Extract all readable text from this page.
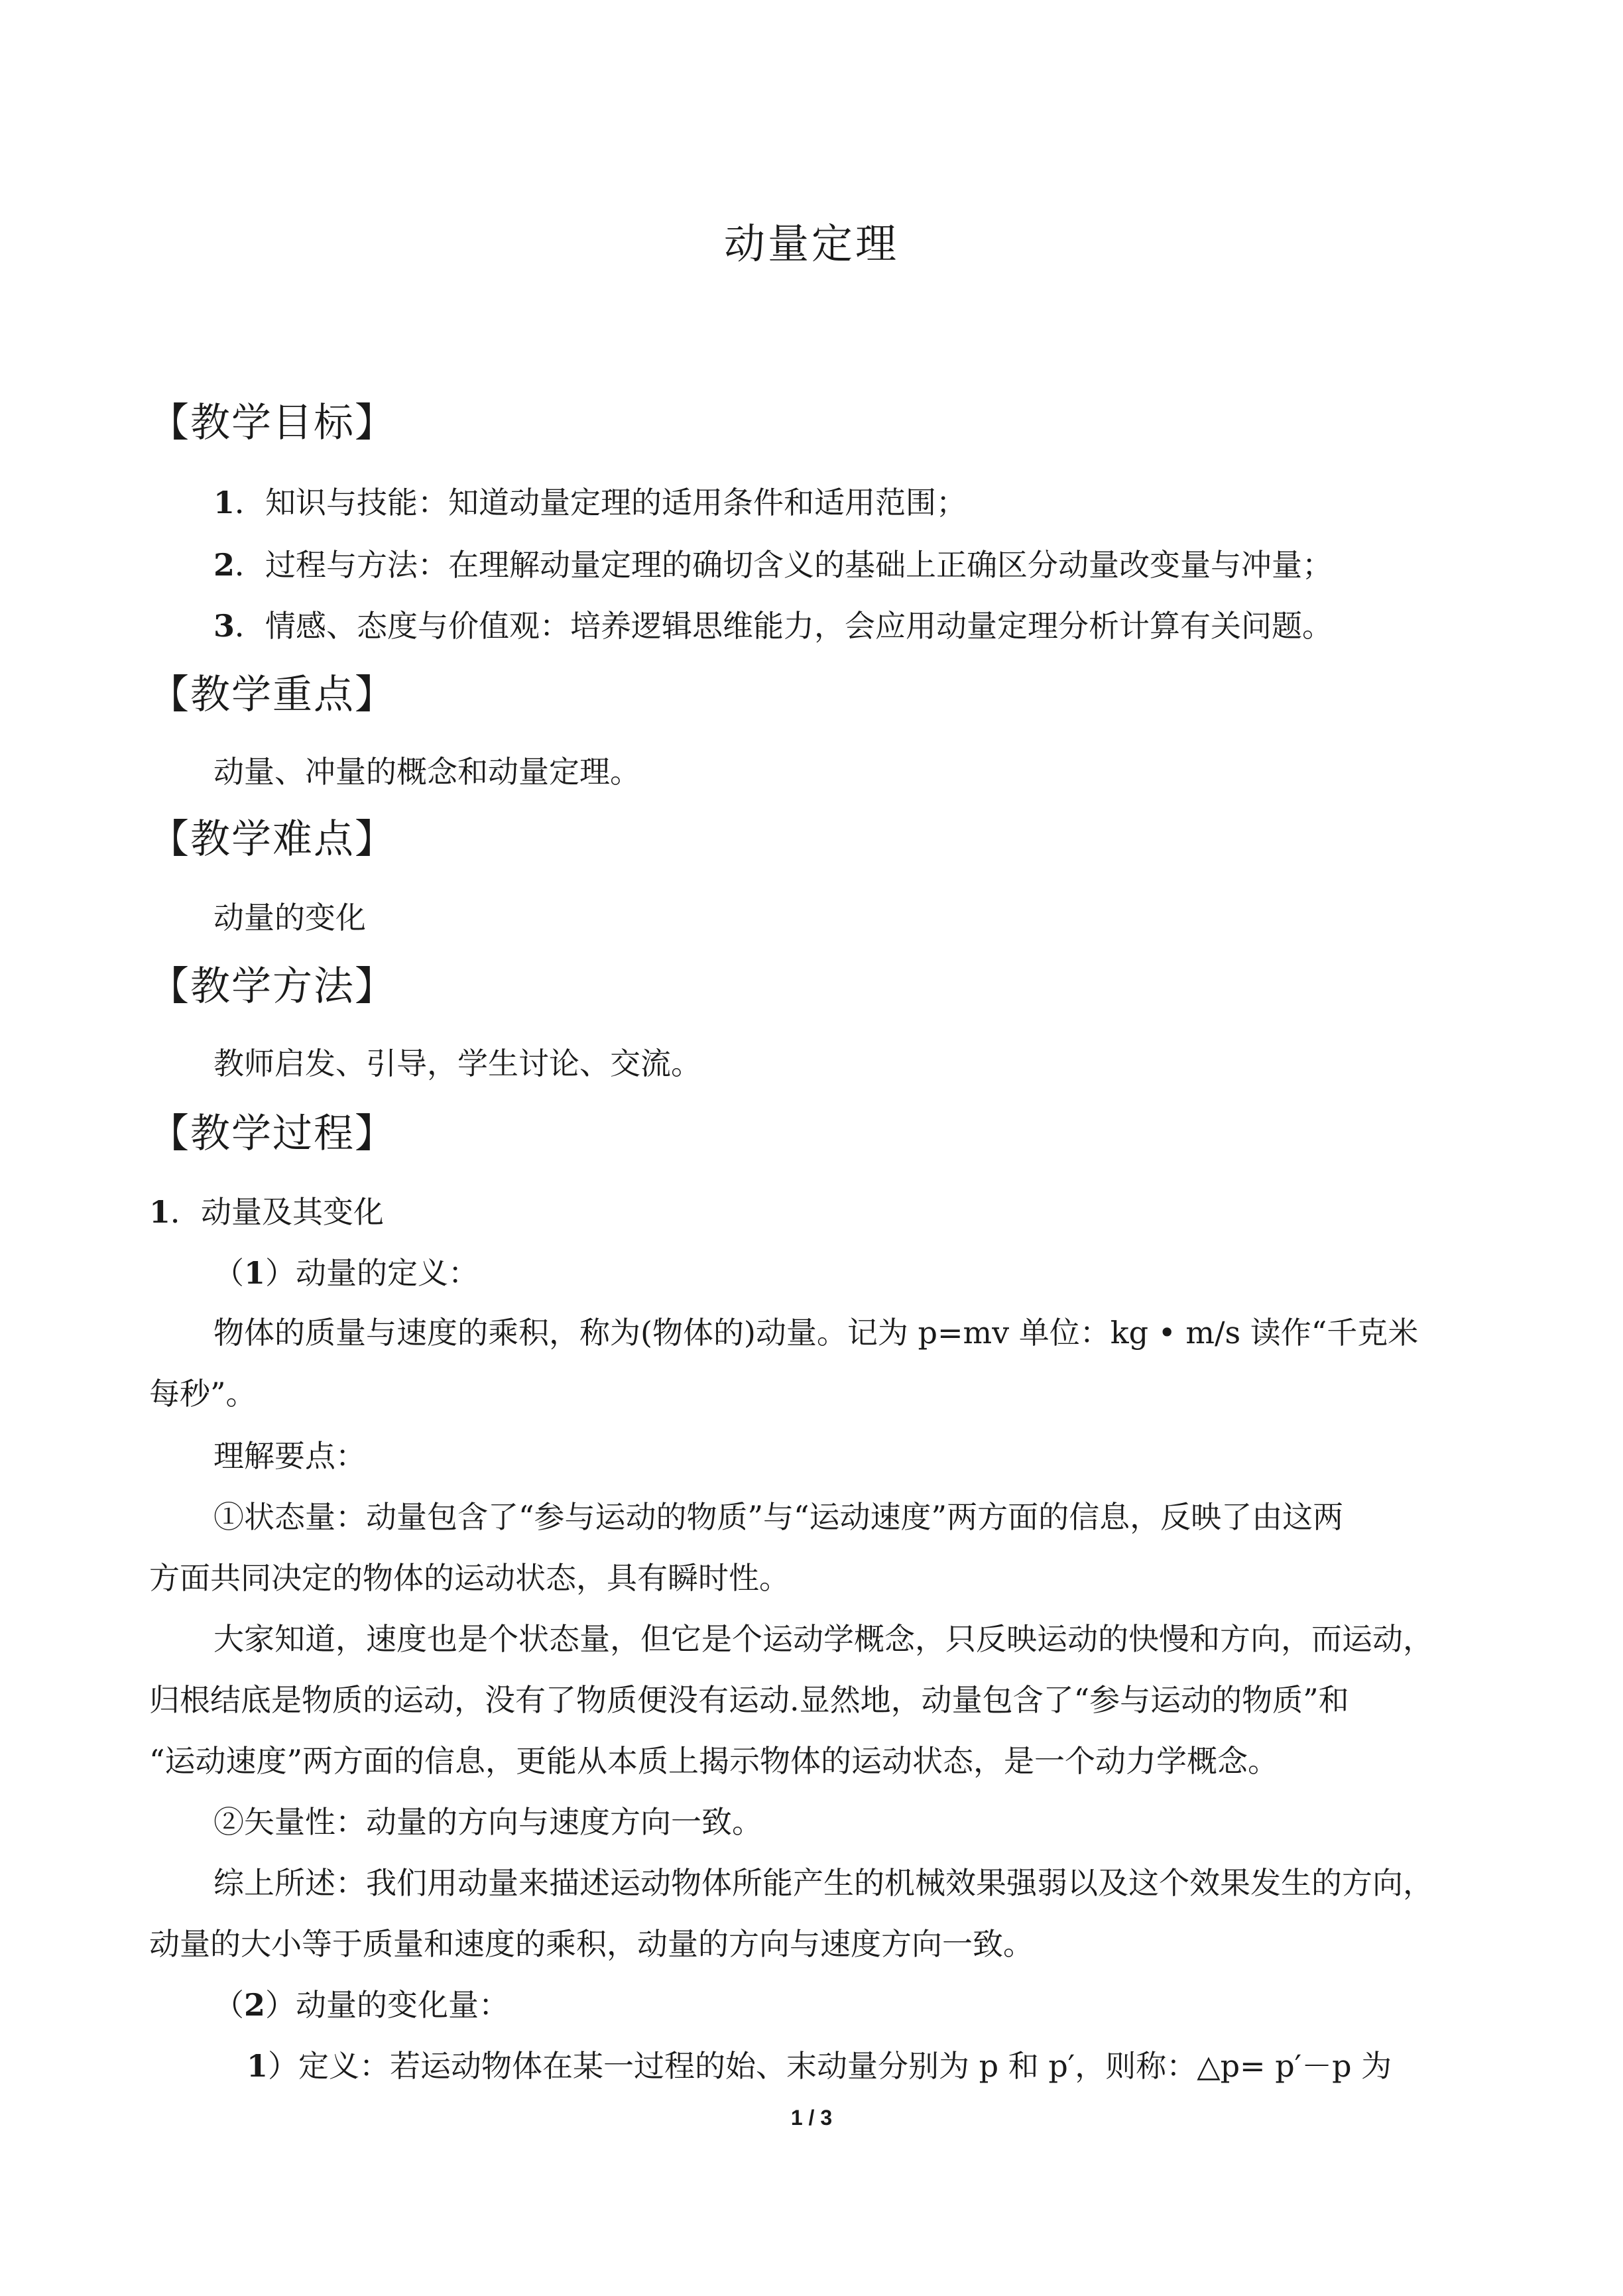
动量定理
【教学目标】
1．知识与技能：知道动量定理的适用条件和适用范围；
2．过程与方法：在理解动量定理的确切含义的基础上正确区分动量改变量与冲量；
3．情感、态度与价值观：培养逻辑思维能力，会应用动量定理分析计算有关问题。
【教学重点】
动量、冲量的概念和动量定理。
【教学难点】
动量的变化
【教学方法】
教师启发、引导，学生讨论、交流。
【教学过程】
1．动量及其变化
（1）动量的定义：
物体的质量与速度的乘积，称为(物体的)动量。记为 p=mv 单位：kg • m/s 读作“千克米
每秒”。
理解要点：
①状态量：动量包含了“参与运动的物质”与“运动速度”两方面的信息，反映了由这两
方面共同决定的物体的运动状态，具有瞬时性。
大家知道，速度也是个状态量，但它是个运动学概念，只反映运动的快慢和方向，而运动，
归根结底是物质的运动，没有了物质便没有运动.显然地，动量包含了“参与运动的物质”和
“运动速度”两方面的信息，更能从本质上揭示物体的运动状态，是一个动力学概念。
②矢量性：动量的方向与速度方向一致。
综上所述：我们用动量来描述运动物体所能产生的机械效果强弱以及这个效果发生的方向，
动量的大小等于质量和速度的乘积，动量的方向与速度方向一致。
（2）动量的变化量：
1）定义：若运动物体在某一过程的始、末动量分别为 p 和 p′，则称：△p= p′－p 为
1 / 3
